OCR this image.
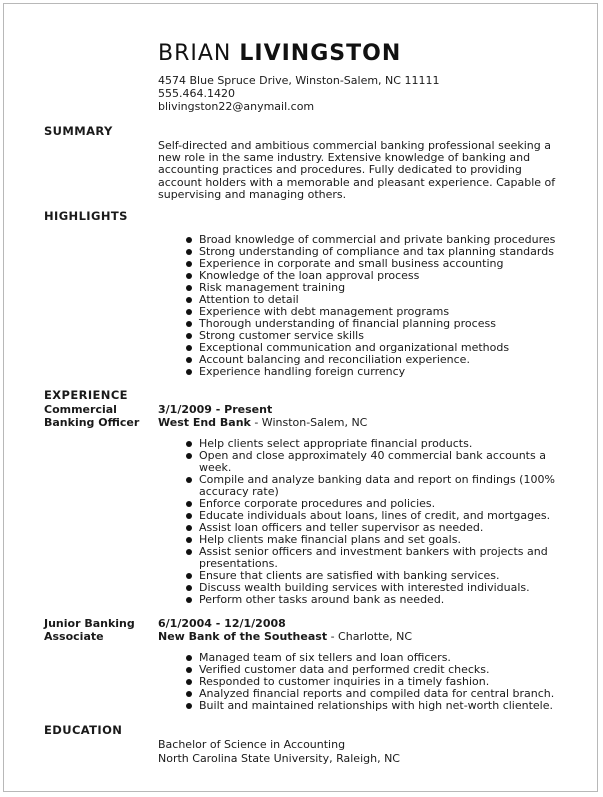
BRIAN LIVINGSTON
4574 Blue Spruce Drive, Winston-Salem, NC 11111
555.464.1420
blivingston22@anymail.com
SUMMARY
Self-directed and ambitious commercial banking professional seeking a new role in the same industry. Extensive knowledge of banking and accounting practices and procedures. Fully dedicated to providing account holders with a memorable and pleasant experience. Capable of supervising and managing others.
HIGHLIGHTS
Broad knowledge of commercial and private banking procedures
Strong understanding of compliance and tax planning standards
Experience in corporate and small business accounting
Knowledge of the loan approval process
Risk management training
Attention to detail
Experience with debt management programs
Thorough understanding of financial planning process
Strong customer service skills
Exceptional communication and organizational methods
Account balancing and reconciliation experience.
Experience handling foreign currency
EXPERIENCE
Commercial Banking Officer
3/1/2009 - Present
West End Bank - Winston-Salem, NC
Help clients select appropriate financial products.
Open and close approximately 40 commercial bank accounts a week.
Compile and analyze banking data and report on findings (100% accuracy rate)
Enforce corporate procedures and policies.
Educate individuals about loans, lines of credit, and mortgages.
Assist loan officers and teller supervisor as needed.
Help clients make financial plans and set goals.
Assist senior officers and investment bankers with projects and presentations.
Ensure that clients are satisfied with banking services.
Discuss wealth building services with interested individuals.
Perform other tasks around bank as needed.
Junior Banking Associate
6/1/2004 - 12/1/2008
New Bank of the Southeast - Charlotte, NC
Managed team of six tellers and loan officers.
Verified customer data and performed credit checks.
Responded to customer inquiries in a timely fashion.
Analyzed financial reports and compiled data for central branch.
Built and maintained relationships with high net-worth clientele.
EDUCATION
Bachelor of Science in Accounting
North Carolina State University, Raleigh, NC
